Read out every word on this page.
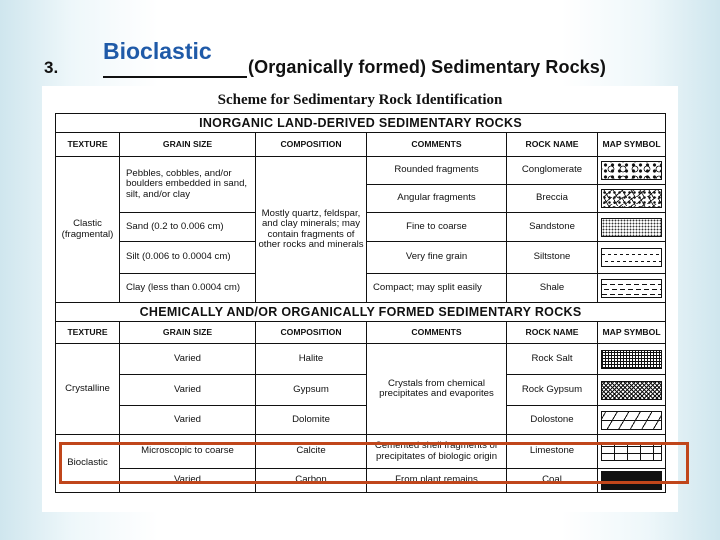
3.
Bioclastic
(Organically formed) Sedimentary Rocks)
Scheme for Sedimentary Rock Identification
INORGANIC LAND-DERIVED SEDIMENTARY ROCKS					
TEXTURE	GRAIN SIZE	COMPOSITION	COMMENTS	ROCK NAME	MAP SYMBOL
Clastic (fragmental)	Pebbles, cobbles, and/or boulders embedded in sand, silt, and/or clay	Mostly quartz, feldspar, and clay minerals; may contain fragments of other rocks and minerals	Rounded fragments	Conglomerate	

			Angular fragments	Breccia	

	Sand (0.2 to 0.006 cm)		Fine to coarse	Sandstone	

	Silt (0.006 to 0.0004 cm)		Very fine grain	Siltstone	

	Clay (less than 0.0004 cm)		Compact; may split easily	Shale	

CHEMICALLY AND/OR ORGANICALLY FORMED SEDIMENTARY ROCKS					
TEXTURE	GRAIN SIZE	COMPOSITION	COMMENTS	ROCK NAME	MAP SYMBOL
Crystalline	Varied	Halite	Crystals from chemical precipitates and evaporites	Rock Salt	

	Varied	Gypsum		Rock Gypsum	

	Varied	Dolomite		Dolostone	

Bioclastic	Microscopic to coarse	Calcite	Cemented shell fragments or precipitates of biologic origin	Limestone	

	Varied	Carbon	From plant remains	Coal	
